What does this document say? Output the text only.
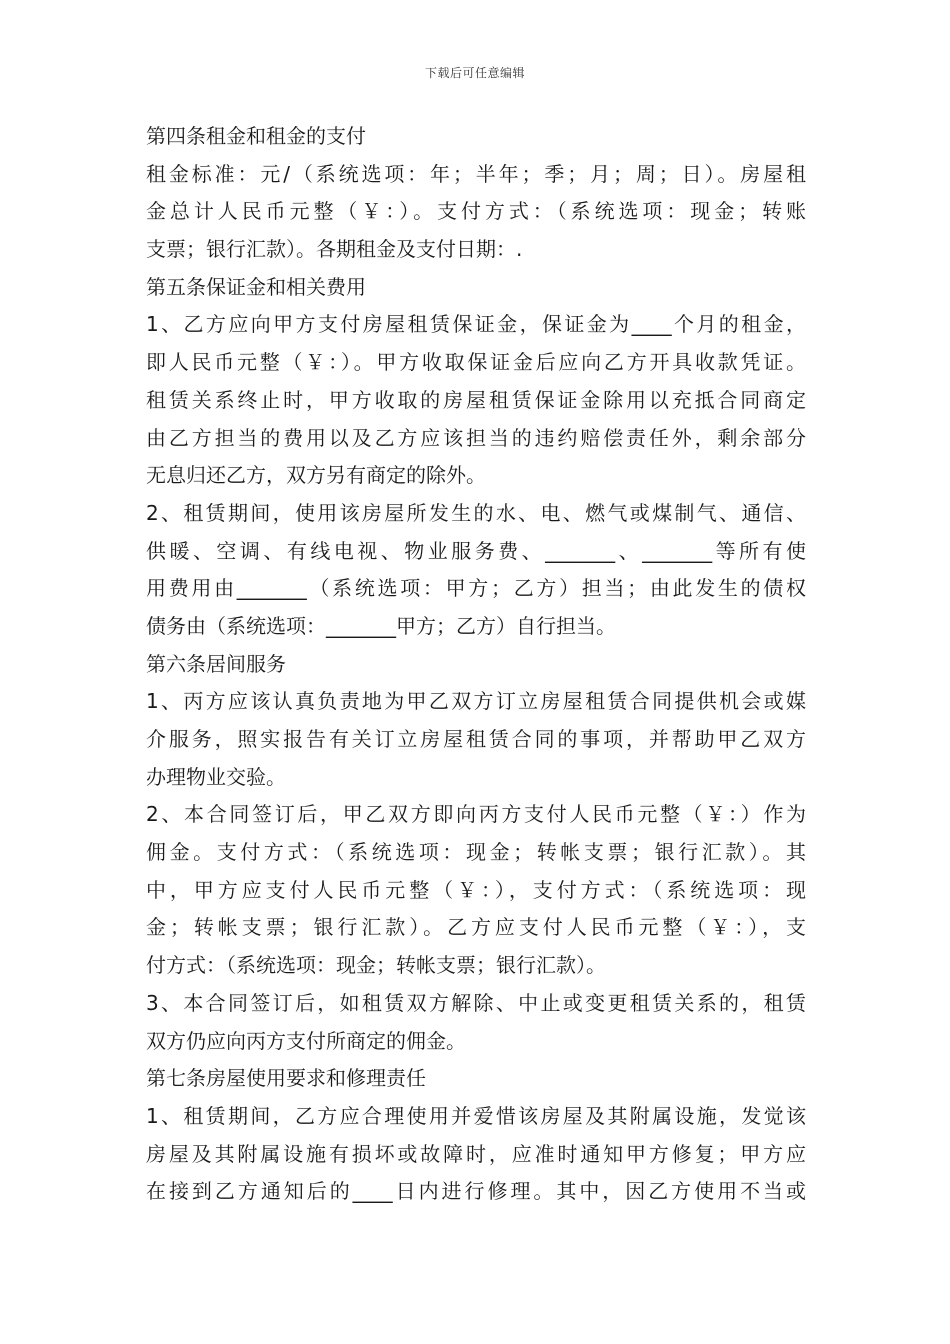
下载后可任意编辑
第四条租金和租金的支付
租金标准：元/（系统选项：年；半年；季；月；周；日）。房屋租
金总计人民币元整（￥：）。支付方式：（系统选项：现金；转账
支票；银行汇款）。各期租金及支付日期：.
第五条保证金和相关费用
1、乙方应向甲方支付房屋租赁保证金，保证金为____个月的租金，
即人民币元整（￥：）。甲方收取保证金后应向乙方开具收款凭证。
租赁关系终止时，甲方收取的房屋租赁保证金除用以充抵合同商定
由乙方担当的费用以及乙方应该担当的违约赔偿责任外，剩余部分
无息归还乙方，双方另有商定的除外。
2、租赁期间，使用该房屋所发生的水、电、燃气或煤制气、通信、
供暖、空调、有线电视、物业服务费、_______、_______等所有使
用费用由_______（系统选项：甲方；乙方）担当；由此发生的债权
债务由（系统选项：_______甲方；乙方）自行担当。
第六条居间服务
1、丙方应该认真负责地为甲乙双方订立房屋租赁合同提供机会或媒
介服务，照实报告有关订立房屋租赁合同的事项，并帮助甲乙双方
办理物业交验。
2、本合同签订后，甲乙双方即向丙方支付人民币元整（￥：）作为
佣金。支付方式：（系统选项：现金；转帐支票；银行汇款）。其
中，甲方应支付人民币元整（￥：），支付方式：（系统选项：现
金；转帐支票；银行汇款）。乙方应支付人民币元整（￥：），支
付方式：（系统选项：现金；转帐支票；银行汇款）。
3、本合同签订后，如租赁双方解除、中止或变更租赁关系的，租赁
双方仍应向丙方支付所商定的佣金。
第七条房屋使用要求和修理责任
1、租赁期间，乙方应合理使用并爱惜该房屋及其附属设施，发觉该
房屋及其附属设施有损坏或故障时，应准时通知甲方修复；甲方应
在接到乙方通知后的____日内进行修理。其中，因乙方使用不当或
